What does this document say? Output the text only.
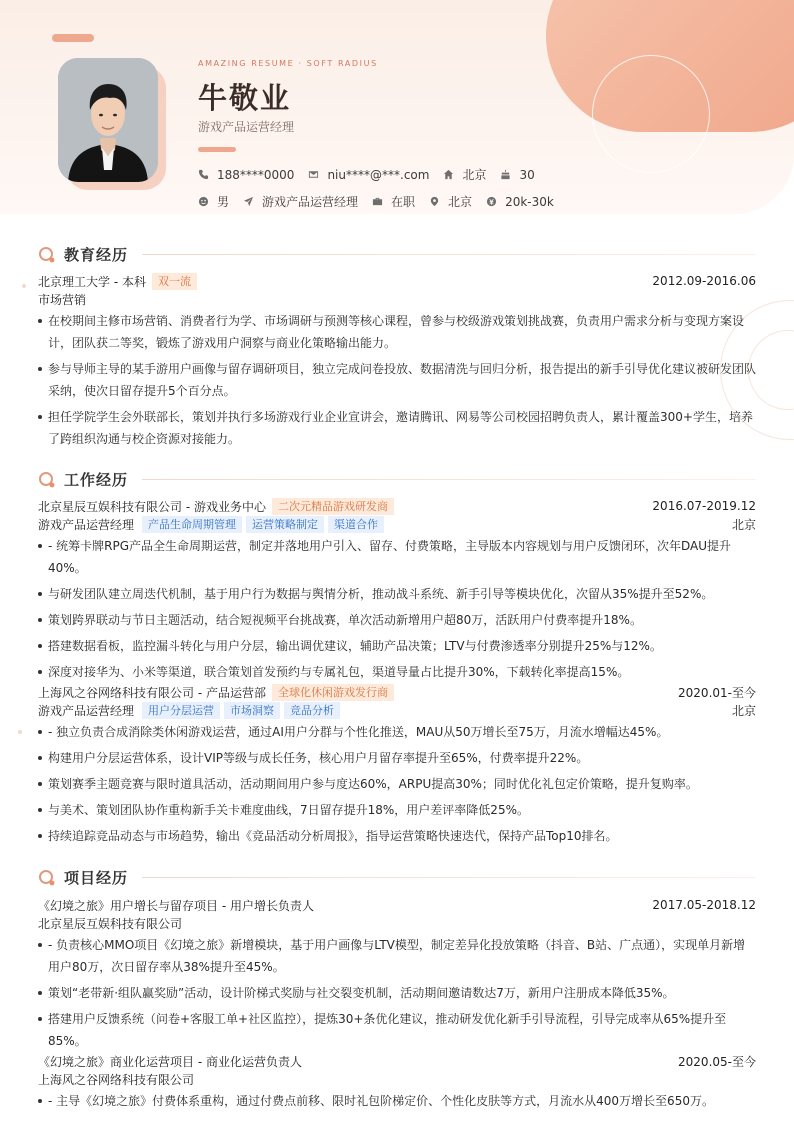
AMAZING RESUME · SOFT RADIUS
牛敬业
游戏产品运营经理
188****0000	niu****@***.com	北京	30
男	游戏产品运营经理	在职	北京	20k-30k
教育经历
北京理工大学 - 本科	双一流	2012.09-2016.06
市场营销
在校期间主修市场营销、消费者行为学、市场调研与预测等核心课程，曾参与校级游戏策划挑战赛，负责用户需求分析与变现方案设计，团队获二等奖，锻炼了游戏用户洞察与商业化策略输出能力。
参与导师主导的某手游用户画像与留存调研项目，独立完成问卷投放、数据清洗与回归分析，报告提出的新手引导优化建议被研发团队采纳，使次日留存提升5个百分点。
担任学院学生会外联部长，策划并执行多场游戏行业企业宣讲会，邀请腾讯、网易等公司校园招聘负责人，累计覆盖300+学生，培养了跨组织沟通与校企资源对接能力。
工作经历
北京星辰互娱科技有限公司 - 游戏业务中心	二次元精品游戏研发商	2016.07-2019.12
游戏产品运营经理	产品生命周期管理	运营策略制定	渠道合作	北京
- 统筹卡牌RPG产品全生命周期运营，制定并落地用户引入、留存、付费策略，主导版本内容规划与用户反馈闭环，次年DAU提升40%。
与研发团队建立周迭代机制，基于用户行为数据与舆情分析，推动战斗系统、新手引导等模块优化，次留从35%提升至52%。
策划跨界联动与节日主题活动，结合短视频平台挑战赛，单次活动新增用户超80万，活跃用户付费率提升18%。
搭建数据看板，监控漏斗转化与用户分层，输出调优建议，辅助产品决策；LTV与付费渗透率分别提升25%与12%。
深度对接华为、小米等渠道，联合策划首发预约与专属礼包，渠道导量占比提升30%，下载转化率提高15%。
上海风之谷网络科技有限公司 - 产品运营部	全球化休闲游戏发行商	2020.01-至今
游戏产品运营经理	用户分层运营	市场洞察	竞品分析	北京
- 独立负责合成消除类休闲游戏运营，通过AI用户分群与个性化推送，MAU从50万增长至75万，月流水增幅达45%。
构建用户分层运营体系，设计VIP等级与成长任务，核心用户月留存率提升至65%，付费率提升22%。
策划赛季主题竞赛与限时道具活动，活动期间用户参与度达60%，ARPU提高30%；同时优化礼包定价策略，提升复购率。
与美术、策划团队协作重构新手关卡难度曲线，7日留存提升18%，用户差评率降低25%。
持续追踪竞品动态与市场趋势，输出《竞品活动分析周报》，指导运营策略快速迭代，保持产品Top10排名。
项目经历
《幻境之旅》用户增长与留存项目 - 用户增长负责人	2017.05-2018.12
北京星辰互娱科技有限公司
- 负责核心MMO项目《幻境之旅》新增模块，基于用户画像与LTV模型，制定差异化投放策略（抖音、B站、广点通），实现单月新增用户80万，次日留存率从38%提升至45%。
策划“老带新·组队赢奖励”活动，设计阶梯式奖励与社交裂变机制，活动期间邀请数达7万，新用户注册成本降低35%。
搭建用户反馈系统（问卷+客服工单+社区监控），提炼30+条优化建议，推动研发优化新手引导流程，引导完成率从65%提升至85%。
《幻境之旅》商业化运营项目 - 商业化运营负责人	2020.05-至今
上海风之谷网络科技有限公司
- 主导《幻境之旅》付费体系重构，通过付费点前移、限时礼包阶梯定价、个性化皮肤等方式，月流水从400万增长至650万。
